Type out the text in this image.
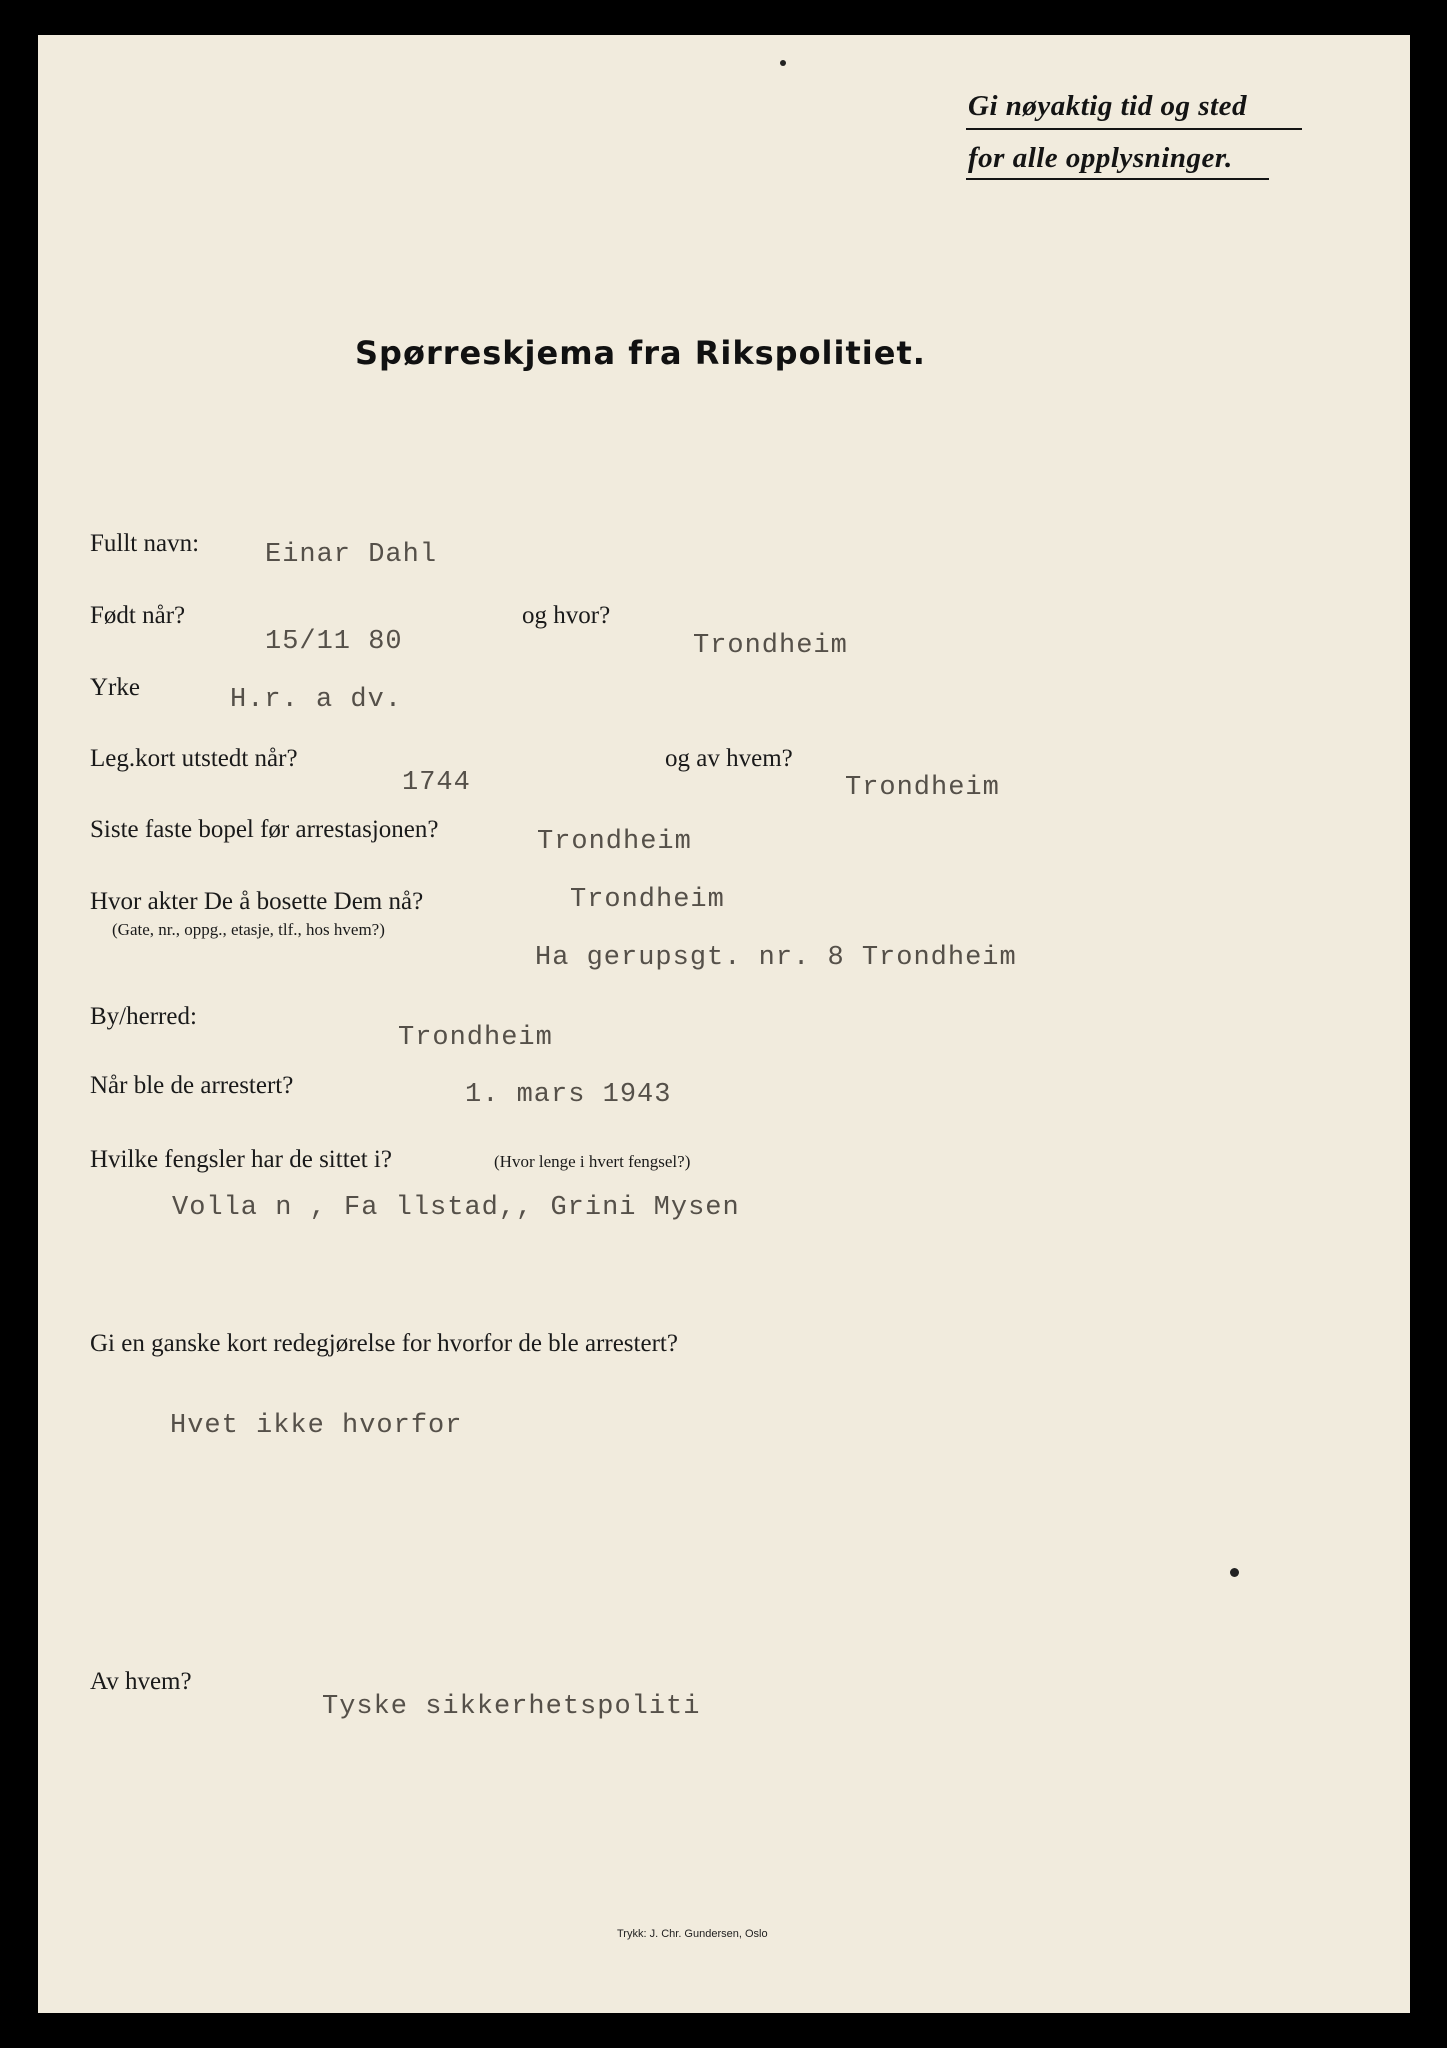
Gi nøyaktig tid og sted
for alle opplysninger.
Spørreskjema fra Rikspolitiet.
Fullt navn: Einar Dahl
Født når?
15/11 80
og hvor?
Trondheim
Yrke	H.r. a dv.
Leg.kort utstedt når?
1744
og av hvem?
Trondheim
Siste faste bopel før arrestasjonen?	Trondheim
Hvor akter De å bosette Dem nå?
(Gate, nr., oppg., etasje, tlf., hos hvem?)
Trondheim
Ha gerupsgt. nr. 8 Trondheim
By/herred:
Trondheim
Når ble de arrestert?	1. mars 1943
Hvilke fengsler har de sittet i?	(Hvor lenge i hvert fengsel?)
Volla n , Fa llstad,, Grini Mysen
Gi en ganske kort redegjørelse for hvorfor de ble arrestert?
Hvet ikke hvorfor
Av hvem?
Tyske sikkerhetspoliti
Trykk: J. Chr. Gundersen, Oslo
